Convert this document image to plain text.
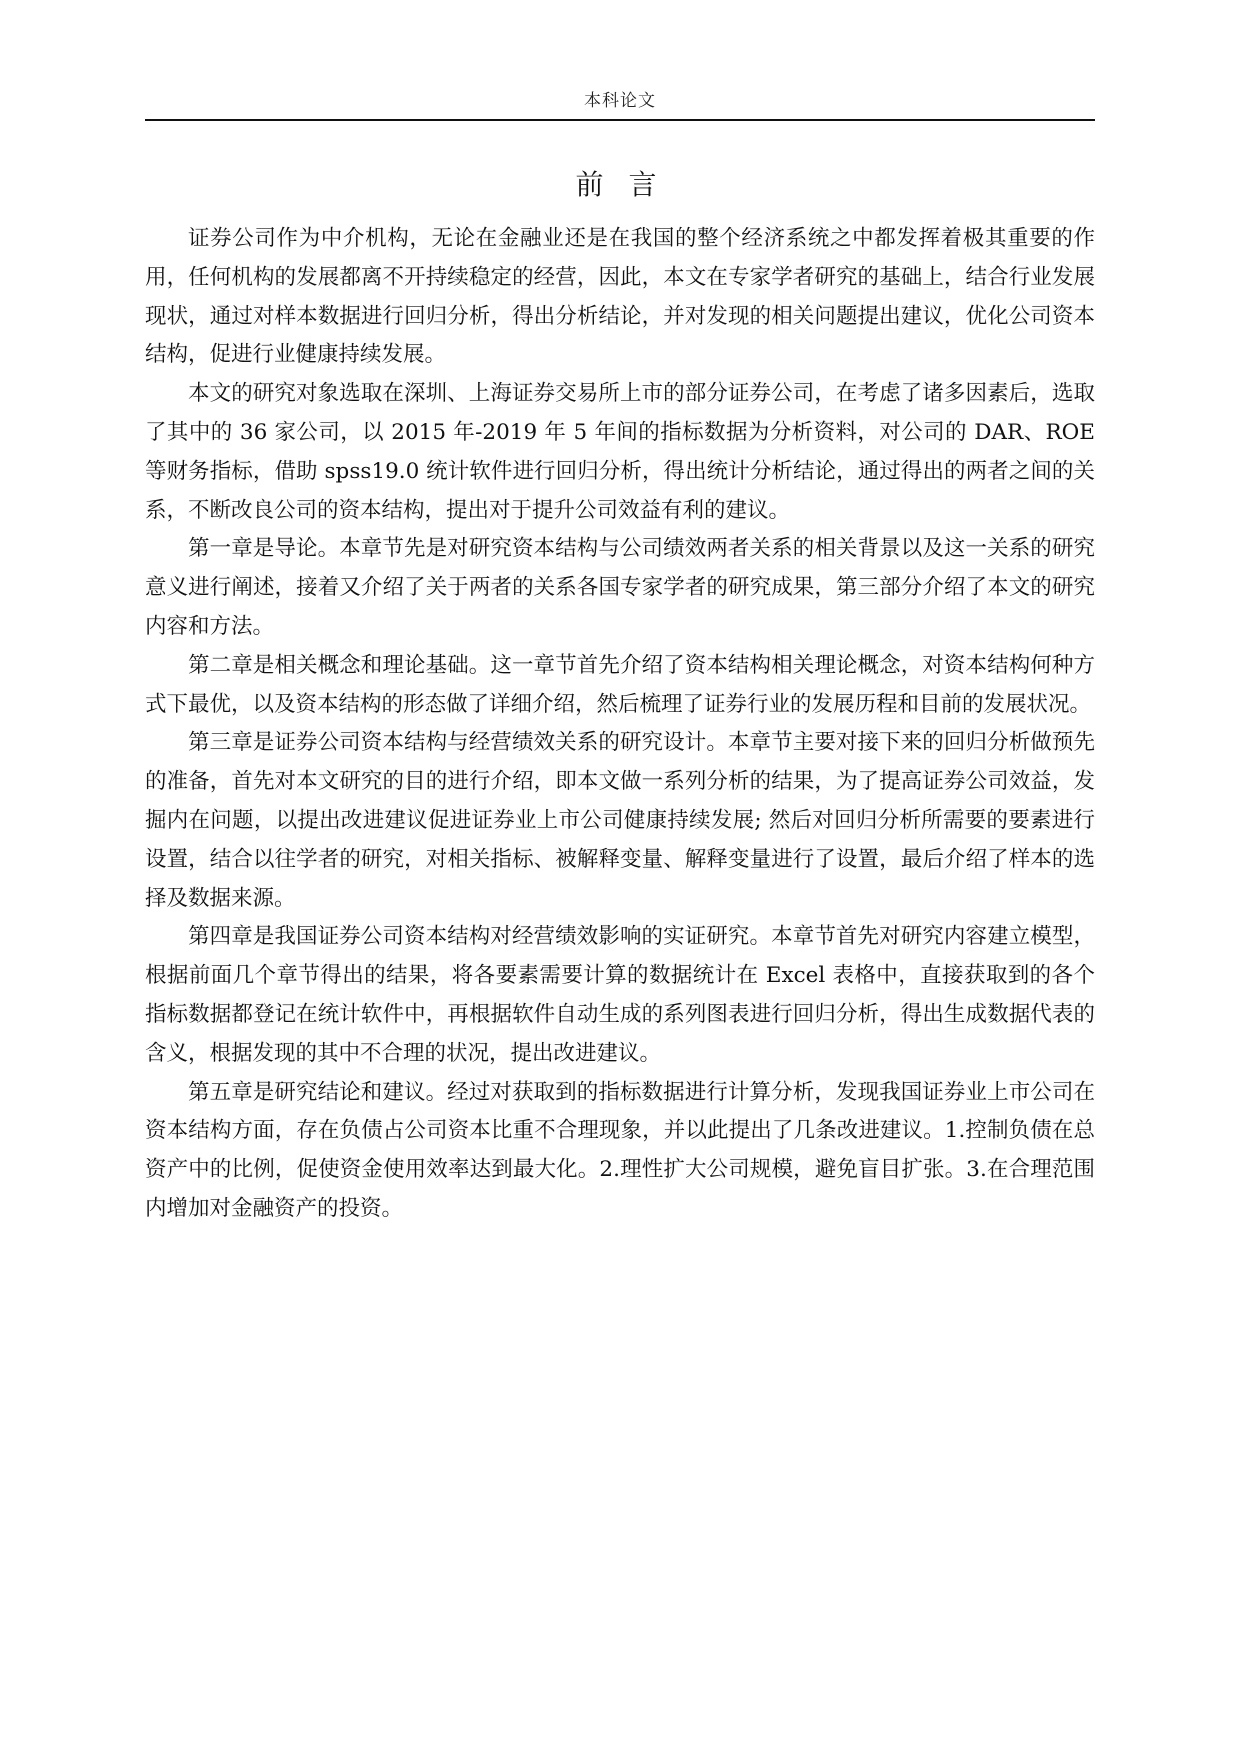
本科论文
前 言

证券公司作为中介机构，无论在金融业还是在我国的整个经济系统之中都发挥着极其重要的作用，任何机构的发展都离不开持续稳定的经营，因此，本文在专家学者研究的基础上，结合行业发展现状，通过对样本数据进行回归分析，得出分析结论，并对发现的相关问题提出建议，优化公司资本结构，促进行业健康持续发展。

本文的研究对象选取在深圳、上海证券交易所上市的部分证券公司，在考虑了诸多因素后，选取了其中的 36 家公司，以 2015 年-2019 年 5 年间的指标数据为分析资料，对公司的 DAR、ROE 等财务指标，借助 spss19.0 统计软件进行回归分析，得出统计分析结论，通过得出的两者之间的关系，不断改良公司的资本结构，提出对于提升公司效益有利的建议。

第一章是导论。本章节先是对研究资本结构与公司绩效两者关系的相关背景以及这一关系的研究意义进行阐述，接着又介绍了关于两者的关系各国专家学者的研究成果，第三部分介绍了本文的研究内容和方法。

第二章是相关概念和理论基础。这一章节首先介绍了资本结构相关理论概念，对资本结构何种方式下最优，以及资本结构的形态做了详细介绍，然后梳理了证券行业的发展历程和目前的发展状况。

第三章是证券公司资本结构与经营绩效关系的研究设计。本章节主要对接下来的回归分析做预先的准备，首先对本文研究的目的进行介绍，即本文做一系列分析的结果，为了提高证券公司效益，发掘内在问题，以提出改进建议促进证券业上市公司健康持续发展; 然后对回归分析所需要的要素进行设置，结合以往学者的研究，对相关指标、被解释变量、解释变量进行了设置，最后介绍了样本的选择及数据来源。

第四章是我国证券公司资本结构对经营绩效影响的实证研究。本章节首先对研究内容建立模型，根据前面几个章节得出的结果，将各要素需要计算的数据统计在 Excel 表格中，直接获取到的各个指标数据都登记在统计软件中，再根据软件自动生成的系列图表进行回归分析，得出生成数据代表的含义，根据发现的其中不合理的状况，提出改进建议。

第五章是研究结论和建议。经过对获取到的指标数据进行计算分析，发现我国证券业上市公司在资本结构方面，存在负债占公司资本比重不合理现象，并以此提出了几条改进建议。1.控制负债在总资产中的比例，促使资金使用效率达到最大化。2.理性扩大公司规模，避免盲目扩张。3.在合理范围内增加对金融资产的投资。
